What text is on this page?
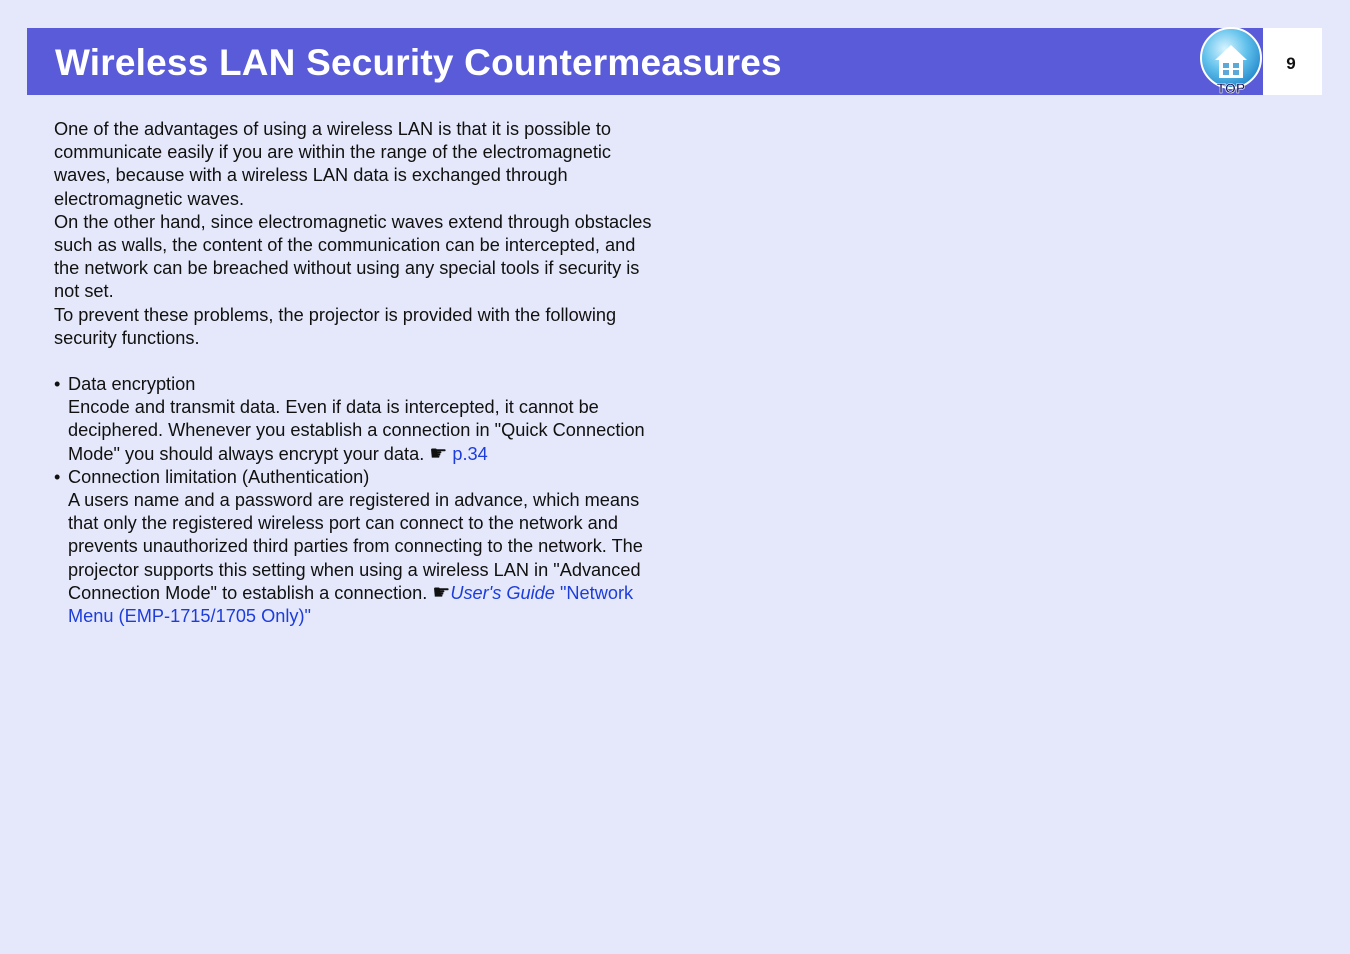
Wireless LAN Security Countermeasures
TOP
9

One of the advantages of using a wireless LAN is that it is possible to communicate easily if you are within the range of the electromagnetic waves, because with a wireless LAN data is exchanged through electromagnetic waves.

On the other hand, since electromagnetic waves extend through obstacles such as walls, the content of the communication can be intercepted, and the network can be breached without using any special tools if security is not set.

To prevent these problems, the projector is provided with the following security functions.

• Data encryption
Encode and transmit data. Even if data is intercepted, it cannot be deciphered. Whenever you establish a connection in "Quick Connection Mode" you should always encrypt your data. ☛ p.34
• Connection limitation (Authentication)
A users name and a password are registered in advance, which means that only the registered wireless port can connect to the network and prevents unauthorized third parties from connecting to the network. The projector supports this setting when using a wireless LAN in "Advanced Connection Mode" to establish a connection. ☛User's Guide "Network Menu (EMP-1715/1705 Only)"
